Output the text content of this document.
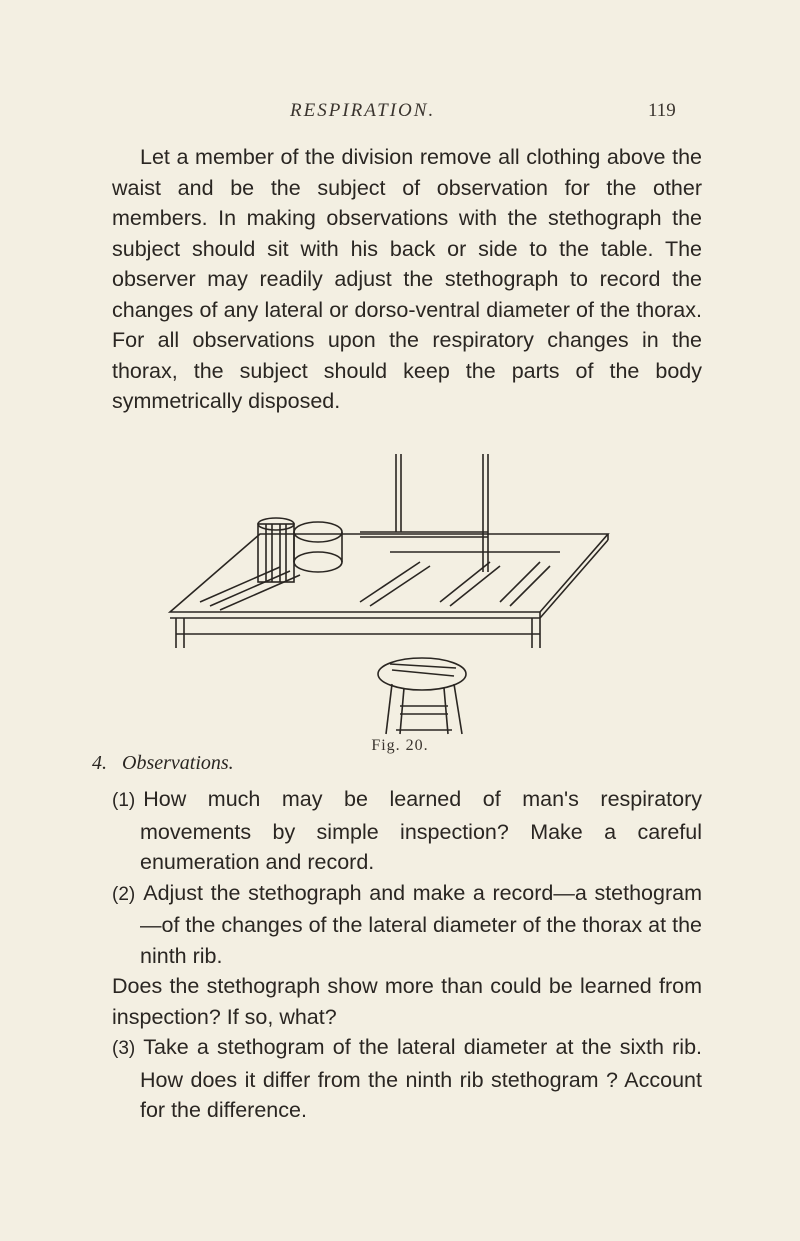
RESPIRATION.	119

Let a member of the division remove all clothing above the waist and be the subject of observation for the other members. In making observations with the stethograph the subject should sit with his back or side to the table. The observer may readily adjust the stethograph to record the changes of any lateral or dorso-ventral diameter of the thorax. For all observations upon the respiratory changes in the thorax, the subject should keep the parts of the body symmetrically disposed.

Fig. 20.
4. Observations.

(1) How much may be learned of man's respiratory movements by simple inspection? Make a careful enumeration and record.

(2) Adjust the stethograph and make a record—a stethogram—of the changes of the lateral diameter of the thorax at the ninth rib.

Does the stethograph show more than could be learned from inspection? If so, what?

(3) Take a stethogram of the lateral diameter at the sixth rib. How does it differ from the ninth rib stethogram ? Account for the difference.
